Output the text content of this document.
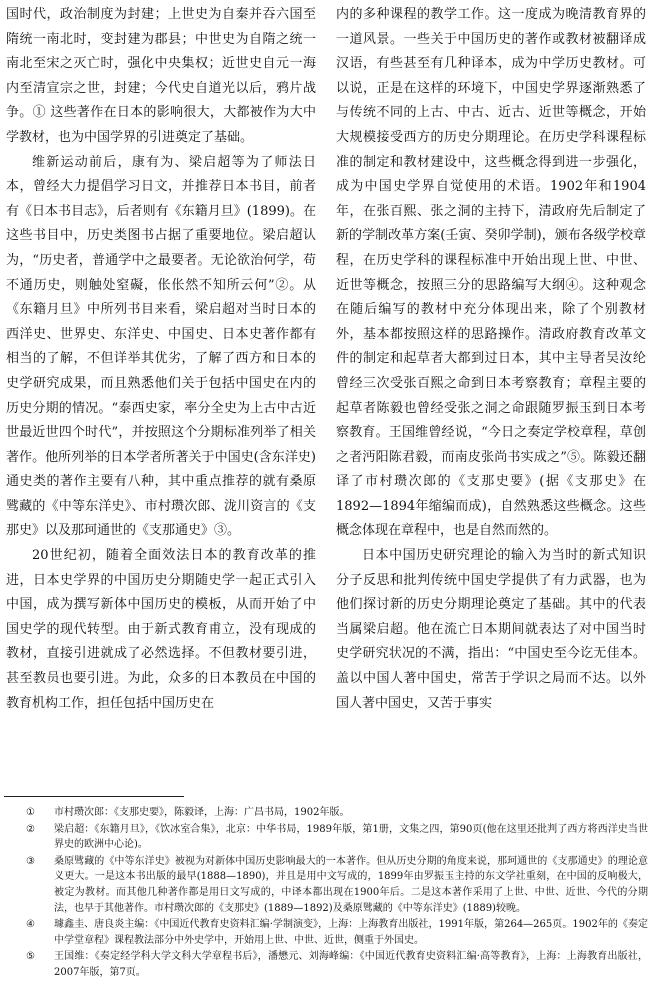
国时代，政治制度为封建；上世史为自秦并吞六国至隋统一南北时，变封建为郡县；中世史为自隋之统一南北至宋之灭亡时，强化中央集权；近世史自元一海内至清宣宗之世，封建；今代史自道光以后，鸦片战争。① 这些著作在日本的影响很大，大都被作为大中学教材，也为中国学界的引进奠定了基础。

维新运动前后，康有为、梁启超等为了师法日本，曾经大力提倡学习日文，并推荐日本书目，前者有《日本书目志》，后者则有《东籍月旦》(1899)。在这些书目中，历史类图书占据了重要地位。梁启超认为，“历史者，普通学中之最要者。无论欲治何学，苟不通历史，则触处窒礙，伥伥然不知所云何”②。从《东籍月旦》中所列书目来看，梁启超对当时日本的西洋史、世界史、东洋史、中国史、日本史著作都有相当的了解，不但详举其优劣，了解了西方和日本的史学研究成果，而且熟悉他们关于包括中国史在内的历史分期的情况。“泰西史家，率分全史为上古中古近世最近世四个时代”，并按照这个分期标准列举了相关著作。他所列举的日本学者所著关于中国史(含东洋史)通史类的著作主要有八种，其中重点推荐的就有桑原骘藏的《中等东洋史》、市村瓒次郎、泷川资言的《支那史》以及那珂通世的《支那通史》③。

20世纪初，随着全面效法日本的教育改革的推进，日本史学界的中国历史分期随史学一起正式引入中国，成为撰写新体中国历史的模板，从而开始了中国史学的现代转型。由于新式教育甫立，没有现成的教材，直接引进就成了必然选择。不但教材要引进，甚至教员也要引进。为此，众多的日本教员在中国的教育机构工作，担任包括中国历史在

内的多种课程的教学工作。这一度成为晚清教育界的一道风景。一些关于中国历史的著作或教材被翻译成汉语，有些甚至有几种译本，成为中学历史教材。可以说，正是在这样的环境下，中国史学界逐渐熟悉了与传统不同的上古、中古、近古、近世等概念，开始大规模接受西方的历史分期理论。在历史学科课程标准的制定和教材建设中，这些概念得到进一步强化，成为中国史学界自觉使用的术语。1902年和1904年，在张百熙、张之洞的主持下，清政府先后制定了新的学制改革方案(壬寅、癸卯学制)，颁布各级学校章程，在历史学科的课程标准中开始出现上世、中世、近世等概念，按照三分的思路编写大纲④。这种观念在随后编写的教材中充分体现出来，除了个别教材外，基本都按照这样的思路操作。清政府教育改革文件的制定和起草者大都到过日本，其中主导者吴汝纶曾经三次受张百熙之命到日本考察教育；章程主要的起草者陈毅也曾经受张之洞之命跟随罗振玉到日本考察教育。王国维曾经说，“今日之奏定学校章程，草创之者沔阳陈君毅，而南皮张尚书实成之”⑤。陈毅还翻译了市村瓒次郎的《支那史要》(据《支那史》在1892—1894年缩编而成)，自然熟悉这些概念。这些概念体现在章程中，也是自然而然的。

日本中国历史研究理论的输入为当时的新式知识分子反思和批判传统中国史学提供了有力武器，也为他们探讨新的历史分期理论奠定了基础。其中的代表当属梁启超。他在流亡日本期间就表达了对中国当时史学研究状况的不满，指出：“中国史至今讫无佳本。盖以中国人著中国史，常苦于学识之局而不达。以外国人著中国史，又苦于事实

①	市村瓒次郎：《支那史要》，陈毅译，上海：广昌书局，1902年版。
②	梁启超：《东籍月旦》，《饮冰室合集》，北京：中华书局，1989年版，第1册，文集之四，第90页(他在这里还批判了西方将西洋史当世界史的欧洲中心论)。
③	桑原骘藏的《中等东洋史》被视为对新体中国历史影响最大的一本著作。但从历史分期的角度来说，那珂通世的《支那通史》的理论意义更大。一是这本书出版的最早(1888—1890)，并且是用中文写成的，1899年由罗振玉主持的东文学社重刻，在中国的反响极大，被定为教材。而其他几种著作都是用日文写成的，中译本都出现在1900年后。二是这本著作采用了上世、中世、近世、今代的分期法，也早于其他著作。市村瓒次郎的《支那史》(1889—1892)及桑原骘藏的《中等东洋史》(1889)较晚。
④	璩鑫圭、唐良炎主编：《中国近代教育史资料汇编·学制演变》，上海：上海教育出版社，1991年版，第264—265页。1902年的《奏定中学堂章程》课程教法部分中外史学中，开始用上世、中世、近世，侧重于外国史。
⑤	王国维：《奏定经学科大学文科大学章程书后》，潘懋元、刘海峰编：《中国近代教育史资料汇编·高等教育》，上海：上海教育出版社，2007年版，第7页。
